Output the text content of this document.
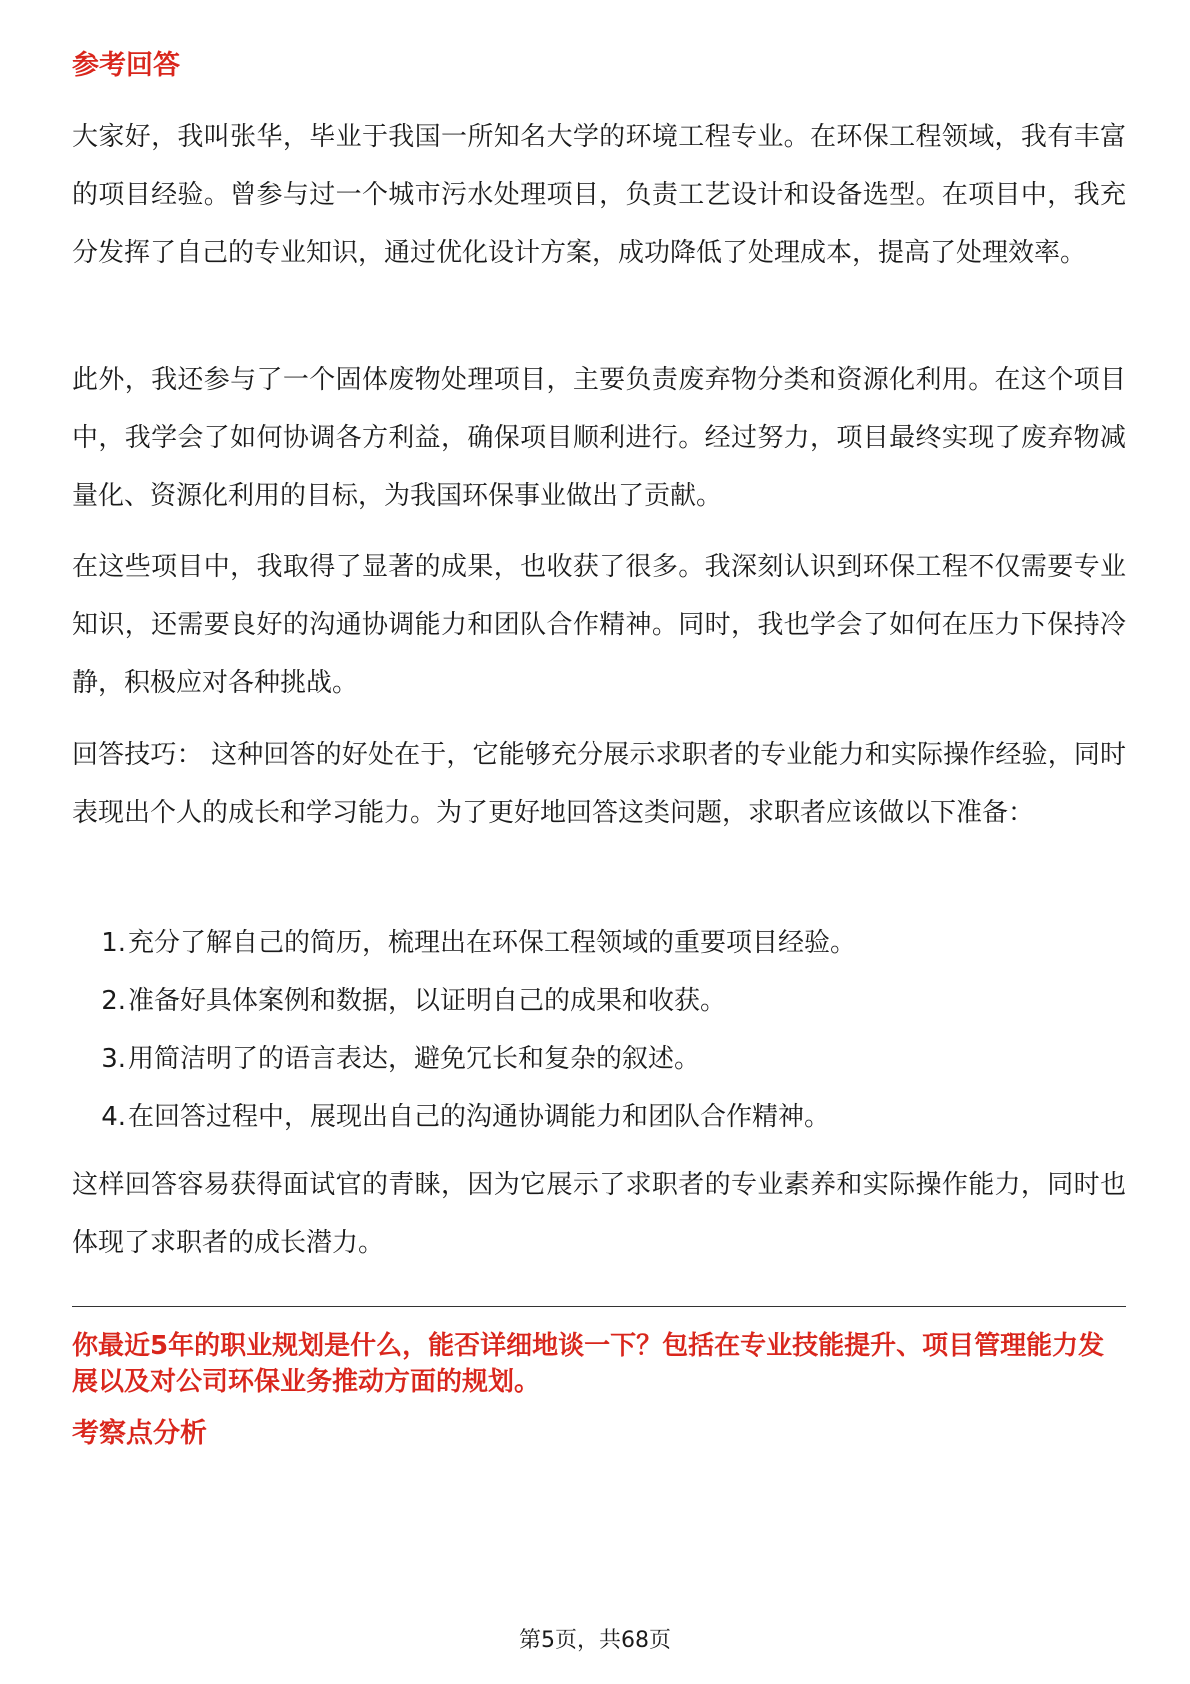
参考回答
大家好，我叫张华，毕业于我国一所知名大学的环境工程专业。在环保工程领域，我有丰富的项目经验。曾参与过一个城市污水处理项目，负责工艺设计和设备选型。在项目中，我充分发挥了自己的专业知识，通过优化设计方案，成功降低了处理成本，提高了处理效率。
此外，我还参与了一个固体废物处理项目，主要负责废弃物分类和资源化利用。在这个项目中，我学会了如何协调各方利益，确保项目顺利进行。经过努力，项目最终实现了废弃物减量化、资源化利用的目标，为我国环保事业做出了贡献。
在这些项目中，我取得了显著的成果，也收获了很多。我深刻认识到环保工程不仅需要专业知识，还需要良好的沟通协调能力和团队合作精神。同时，我也学会了如何在压力下保持冷静，积极应对各种挑战。
回答技巧： 这种回答的好处在于，它能够充分展示求职者的专业能力和实际操作经验，同时表现出个人的成长和学习能力。为了更好地回答这类问题，求职者应该做以下准备：
1.充分了解自己的简历，梳理出在环保工程领域的重要项目经验。
2.准备好具体案例和数据，以证明自己的成果和收获。
3.用简洁明了的语言表达，避免冗长和复杂的叙述。
4.在回答过程中，展现出自己的沟通协调能力和团队合作精神。
这样回答容易获得面试官的青睐，因为它展示了求职者的专业素养和实际操作能力，同时也体现了求职者的成长潜力。
你最近5年的职业规划是什么，能否详细地谈一下？包括在专业技能提升、项目管理能力发展以及对公司环保业务推动方面的规划。
考察点分析
第5页，共68页
